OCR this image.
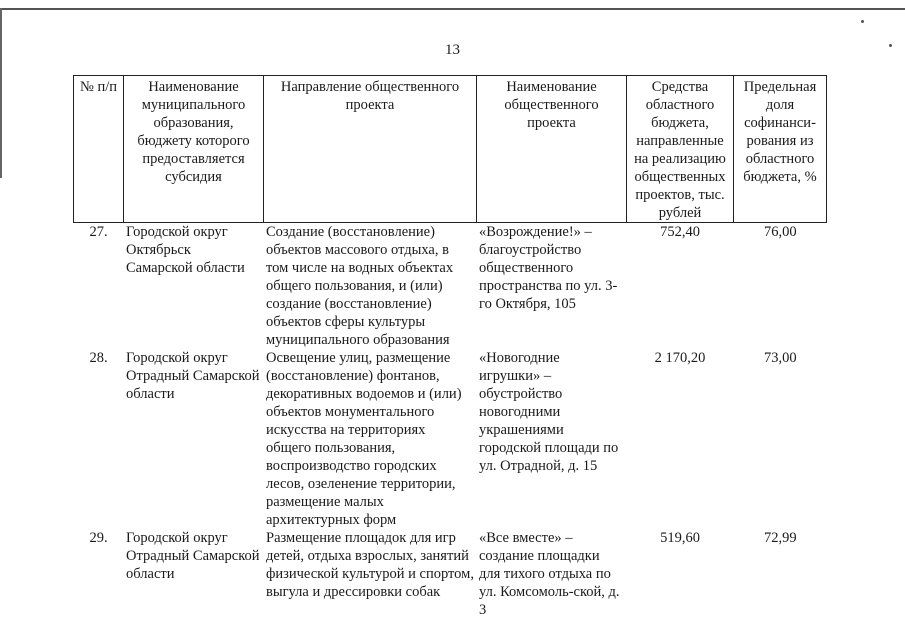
13
№ п/п	Наименование муниципального образования, бюджету которого предоставляется субсидия	Направление общественного проекта	Наименование общественного проекта	Средства областного бюджета, направленные на реализацию общественных проектов, тыс. рублей	Предельная доля софинанси-рования из областного бюджета, %
27.	Городской округ Октябрьск Самарской области	Создание (восстановление) объектов массового отдыха, в том числе на водных объектах общего пользования, и (или) создание (восстановление) объектов сферы культуры муниципального образования	«Возрождение!» – благоустройство общественного пространства по ул. 3-го Октября, 105	752,40	76,00
28.	Городской округ Отрадный Самарской области	Освещение улиц, размещение (восстановление) фонтанов, декоративных водоемов и (или) объектов монументального искусства на территориях общего пользования, воспроизводство городских лесов, озеленение территории, размещение малых архитектурных форм	«Новогодние игрушки» – обустройство новогодними украшениями городской площади по ул. Отрадной, д. 15	2 170,20	73,00
29.	Городской округ Отрадный Самарской области	Размещение площадок для игр детей, отдыха взрослых, занятий физической культурой и спортом, выгула и дрессировки собак	«Все вместе» – создание площадки для тихого отдыха по ул. Комсомоль-ской, д. 3	519,60	72,99
